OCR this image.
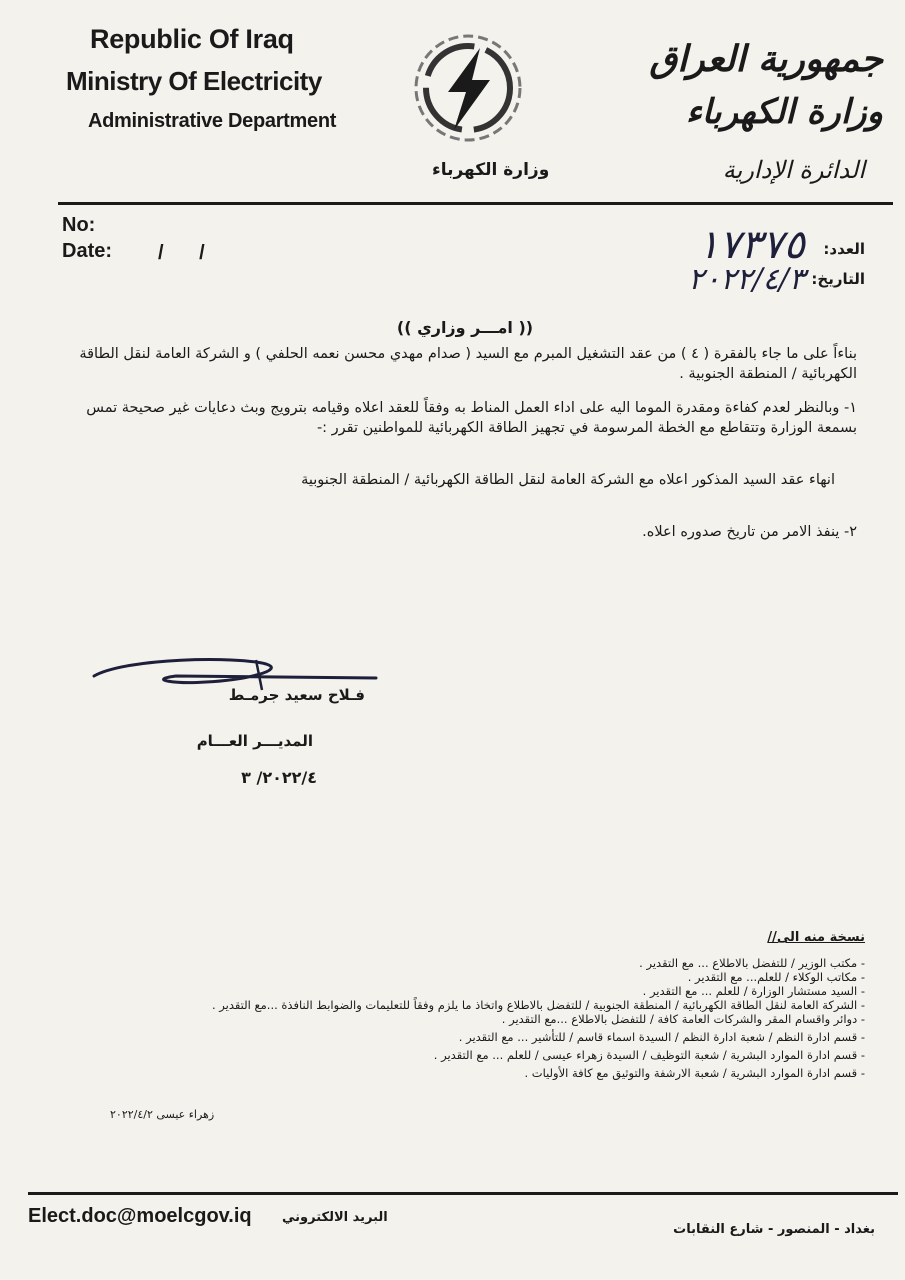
Republic Of Iraq
Ministry Of Electricity
Administrative Department
وزارة الكهرباء
جمهورية العراق
وزارة الكهرباء
الدائرة الإدارية
No:
Date: / /	العدد:
التاريخ:
١٧٣٧٥
٢٠٢٢/٤/٣
(( امـــر وزاري ))
بناءاً على ما جاء بالفقرة ( ٤ ) من عقد التشغيل المبرم مع السيد ( صدام مهدي محسن نعمه الحلفي ) و الشركة العامة لنقل الطاقة الكهربائية / المنطقة الجنوبية .
١- وبالنظر لعدم كفاءة ومقدرة الموما اليه على اداء العمل المناط به وفقاً للعقد اعلاه وقيامه بترويج وبث دعايات غير صحيحة تمس بسمعة الوزارة وتتقاطع مع الخطة المرسومة في تجهيز الطاقة الكهربائية للمواطنين تقرر :-
انهاء عقد السيد المذكور اعلاه مع الشركة العامة لنقل الطاقة الكهربائية / المنطقة الجنوبية
٢- ينفذ الامر من تاريخ صدوره اعلاه.
فـلاح سعيد جرمـط
المديـــر العـــام
٢٠٢٢/٤/ ٣
نسخة منه الى//
- مكتب الوزير / للتفضل بالاطلاع ... مع التقدير .
- مكاتب الوكلاء / للعلم... مع التقدير .
- السيد مستشار الوزارة / للعلم ... مع التقدير .
- الشركة العامة لنقل الطاقة الكهربائية / المنطقة الجنوبية / للتفضل بالاطلاع واتخاذ ما يلزم وفقاً للتعليمات والضوابط النافذة ...مع التقدير .
- دوائر واقسام المقر والشركات العامة كافة / للتفضل بالاطلاع ...مع التقدير .
- قسم ادارة النظم / شعبة ادارة النظم / السيدة اسماء قاسم / للتأشير ... مع التقدير .
- قسم ادارة الموارد البشرية / شعبة التوظيف / السيدة زهراء عيسى / للعلم ... مع التقدير .
- قسم ادارة الموارد البشرية / شعبة الارشفة والتوثيق مع كافة الأوليات .
زهراء عيسى ٢٠٢٢/٤/٢
Elect.doc@moelcgov.iq البريد الالكتروني
بغداد - المنصور - شارع النقابات
